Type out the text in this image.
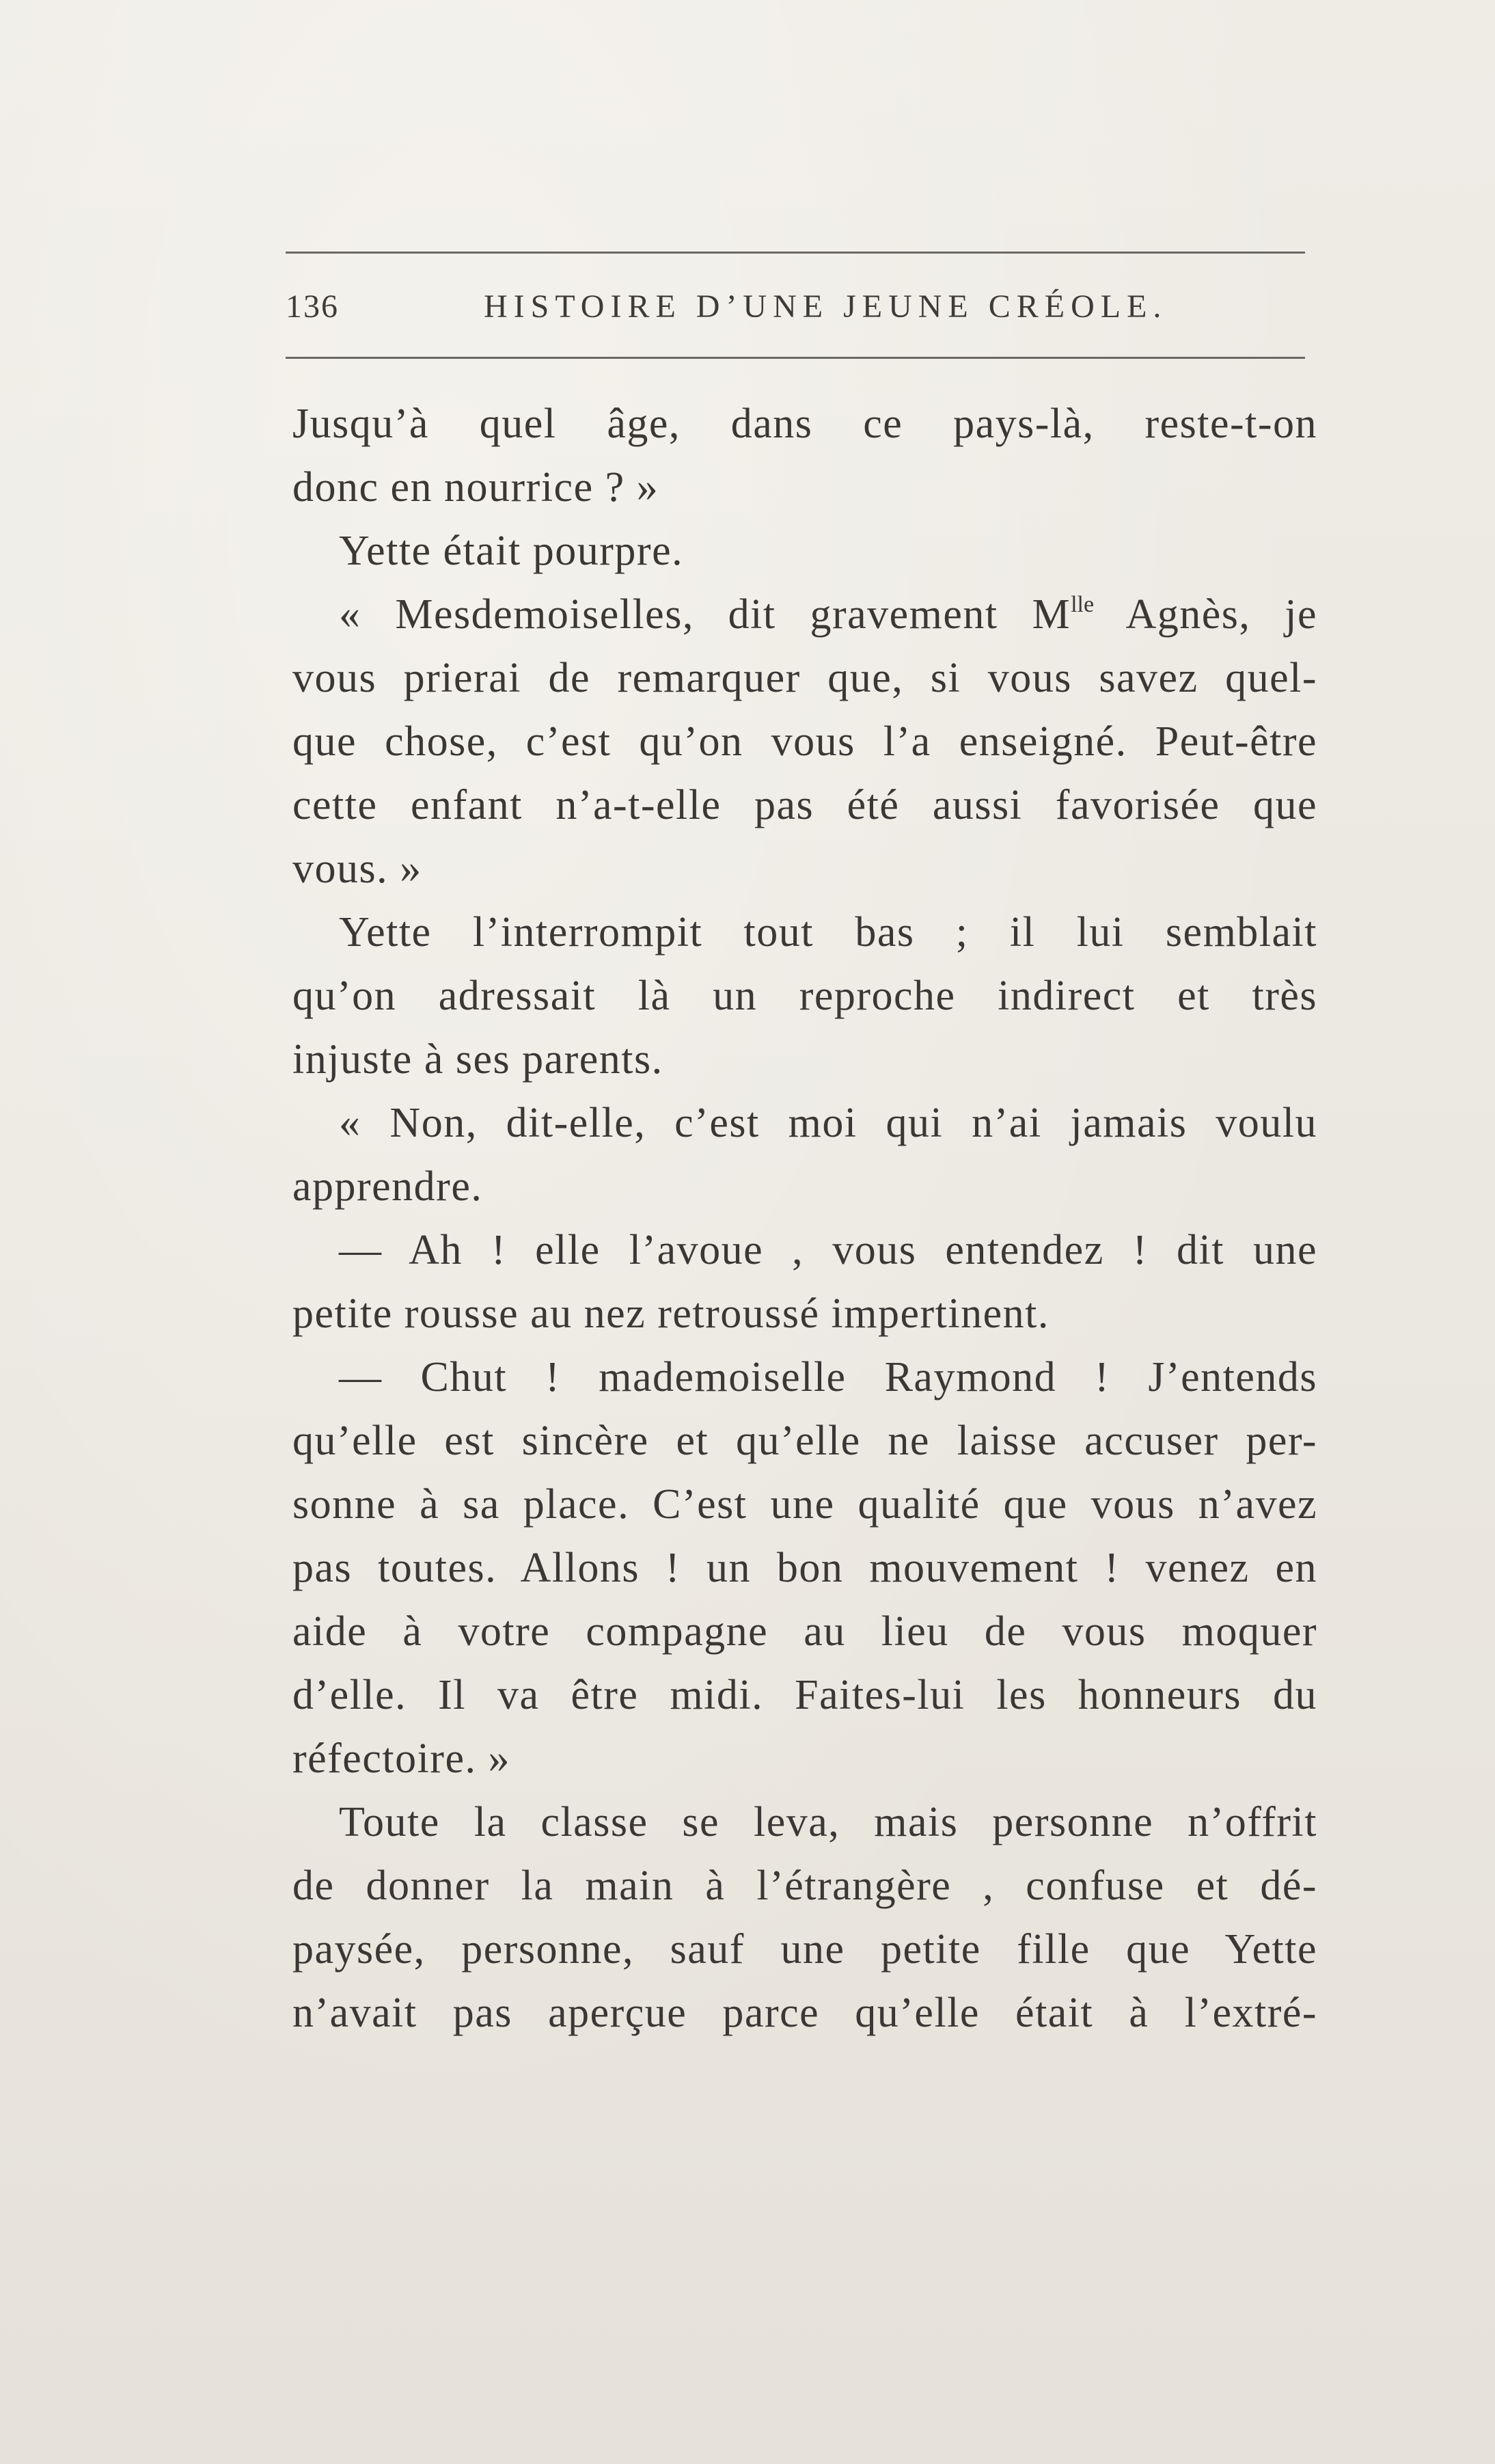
136	HISTOIRE D’UNE JEUNE CRÉOLE.
Jusqu’à quel âge, dans ce pays-là, reste-t-on
donc en nourrice ? »
Yette était pourpre.
« Mesdemoiselles, dit gravement $M^{lle}$ Agnès, je
vous prierai de remarquer que, si vous savez quel-
que chose, c’est qu’on vous l’a enseigné. Peut-être
cette enfant n’a-t-elle pas été aussi favorisée que
vous. »
Yette l’interrompit tout bas ; il lui semblait
qu’on adressait là un reproche indirect et très
injuste à ses parents.
« Non, dit-elle, c’est moi qui n’ai jamais voulu
apprendre.
— Ah ! elle l’avoue , vous entendez ! dit une
petite rousse au nez retroussé impertinent.
— Chut ! mademoiselle Raymond ! J’entends
qu’elle est sincère et qu’elle ne laisse accuser per-
sonne à sa place. C’est une qualité que vous n’avez
pas toutes. Allons ! un bon mouvement ! venez en
aide à votre compagne au lieu de vous moquer
d’elle. Il va être midi. Faites-lui les honneurs du
réfectoire. »
Toute la classe se leva, mais personne n’offrit
de donner la main à l’étrangère , confuse et dé-
paysée, personne, sauf une petite fille que Yette
n’avait pas aperçue parce qu’elle était à l’extré-
